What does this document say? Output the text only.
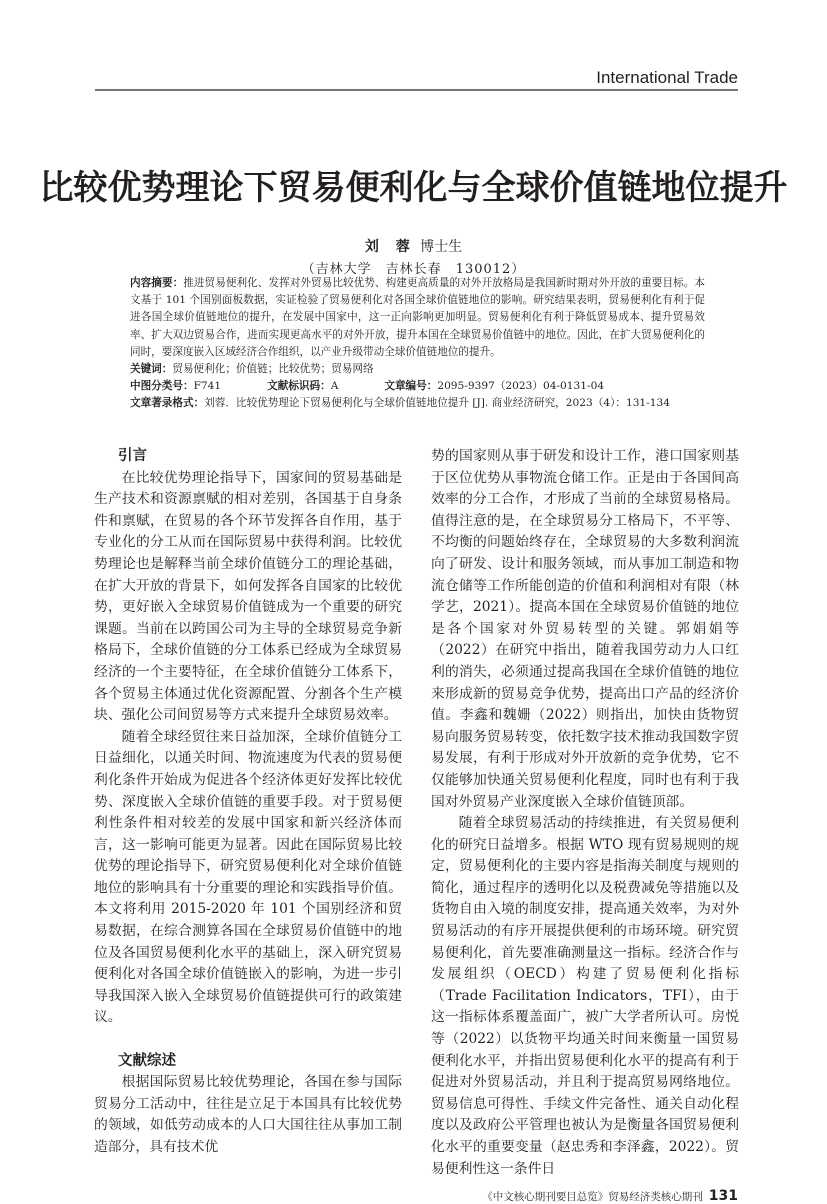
International Trade
比较优势理论下贸易便利化与全球价值链地位提升
刘 蓉 博士生
（吉林大学　吉林长春　130012）

内容摘要：推进贸易便利化、发挥对外贸易比较优势、构建更高质量的对外开放格局是我国新时期对外开放的重要目标。本文基于 101 个国别面板数据，实证检验了贸易便利化对各国全球价值链地位的影响。研究结果表明，贸易便利化有利于促进各国全球价值链地位的提升，在发展中国家中，这一正向影响更加明显。贸易便利化有利于降低贸易成本、提升贸易效率、扩大双边贸易合作，进而实现更高水平的对外开放，提升本国在全球贸易价值链中的地位。因此，在扩大贸易便利化的同时，要深度嵌入区域经济合作组织，以产业升级带动全球价值链地位的提升。

关键词：贸易便利化；价值链；比较优势；贸易网络

中图分类号：F741	文献标识码：A	文章编号：2095-9397（2023）04-0131-04

文章著录格式：刘蓉．比较优势理论下贸易便利化与全球价值链地位提升 [J]. 商业经济研究，2023（4）：131-134

引言

在比较优势理论指导下，国家间的贸易基础是生产技术和资源禀赋的相对差别，各国基于自身条件和禀赋，在贸易的各个环节发挥各自作用，基于专业化的分工从而在国际贸易中获得利润。比较优势理论也是解释当前全球价值链分工的理论基础，在扩大开放的背景下，如何发挥各自国家的比较优势，更好嵌入全球贸易价值链成为一个重要的研究课题。当前在以跨国公司为主导的全球贸易竞争新格局下，全球价值链的分工体系已经成为全球贸易经济的一个主要特征，在全球价值链分工体系下，各个贸易主体通过优化资源配置、分割各个生产模块、强化公司间贸易等方式来提升全球贸易效率。

随着全球经贸往来日益加深，全球价值链分工日益细化，以通关时间、物流速度为代表的贸易便利化条件开始成为促进各个经济体更好发挥比较优势、深度嵌入全球价值链的重要手段。对于贸易便利性条件相对较差的发展中国家和新兴经济体而言，这一影响可能更为显著。因此在国际贸易比较优势的理论指导下，研究贸易便利化对全球价值链地位的影响具有十分重要的理论和实践指导价值。本文将利用 2015-2020 年 101 个国别经济和贸易数据，在综合测算各国在全球贸易价值链中的地位及各国贸易便利化水平的基础上，深入研究贸易便利化对各国全球价值链嵌入的影响，为进一步引导我国深入嵌入全球贸易价值链提供可行的政策建议。

文献综述

根据国际贸易比较优势理论，各国在参与国际贸易分工活动中，往往是立足于本国具有比较优势的领域，如低劳动成本的人口大国往往从事加工制造部分，具有技术优

势的国家则从事于研发和设计工作，港口国家则基于区位优势从事物流仓储工作。正是由于各国间高效率的分工合作，才形成了当前的全球贸易格局。值得注意的是，在全球贸易分工格局下，不平等、不均衡的问题始终存在，全球贸易的大多数利润流向了研发、设计和服务领域，而从事加工制造和物流仓储等工作所能创造的价值和利润相对有限（林学艺，2021）。提高本国在全球贸易价值链的地位是各个国家对外贸易转型的关键。郭娟娟等（2022）在研究中指出，随着我国劳动力人口红利的消失，必须通过提高我国在全球价值链的地位来形成新的贸易竞争优势，提高出口产品的经济价值。李鑫和魏姗（2022）则指出，加快由货物贸易向服务贸易转变，依托数字技术推动我国数字贸易发展，有利于形成对外开放新的竞争优势，它不仅能够加快通关贸易便利化程度，同时也有利于我国对外贸易产业深度嵌入全球价值链顶部。

随着全球贸易活动的持续推进，有关贸易便利化的研究日益增多。根据 WTO 现有贸易规则的规定，贸易便利化的主要内容是指海关制度与规则的简化，通过程序的透明化以及税费减免等措施以及货物自由入境的制度安排，提高通关效率，为对外贸易活动的有序开展提供便利的市场环境。研究贸易便利化，首先要准确测量这一指标。经济合作与发展组织（OECD）构建了贸易便利化指标（Trade Facilitation Indicators，TFI），由于这一指标体系覆盖面广，被广大学者所认可。房悦等（2022）以货物平均通关时间来衡量一国贸易便利化水平，并指出贸易便利化水平的提高有利于促进对外贸易活动，并且利于提高贸易网络地位。贸易信息可得性、手续文件完备性、通关自动化程度以及政府公平管理也被认为是衡量各国贸易便利化水平的重要变量（赵忠秀和李泽鑫，2022）。贸易便利性这一条件日

《中文核心期刊要目总览》贸易经济类核心期刊 131
